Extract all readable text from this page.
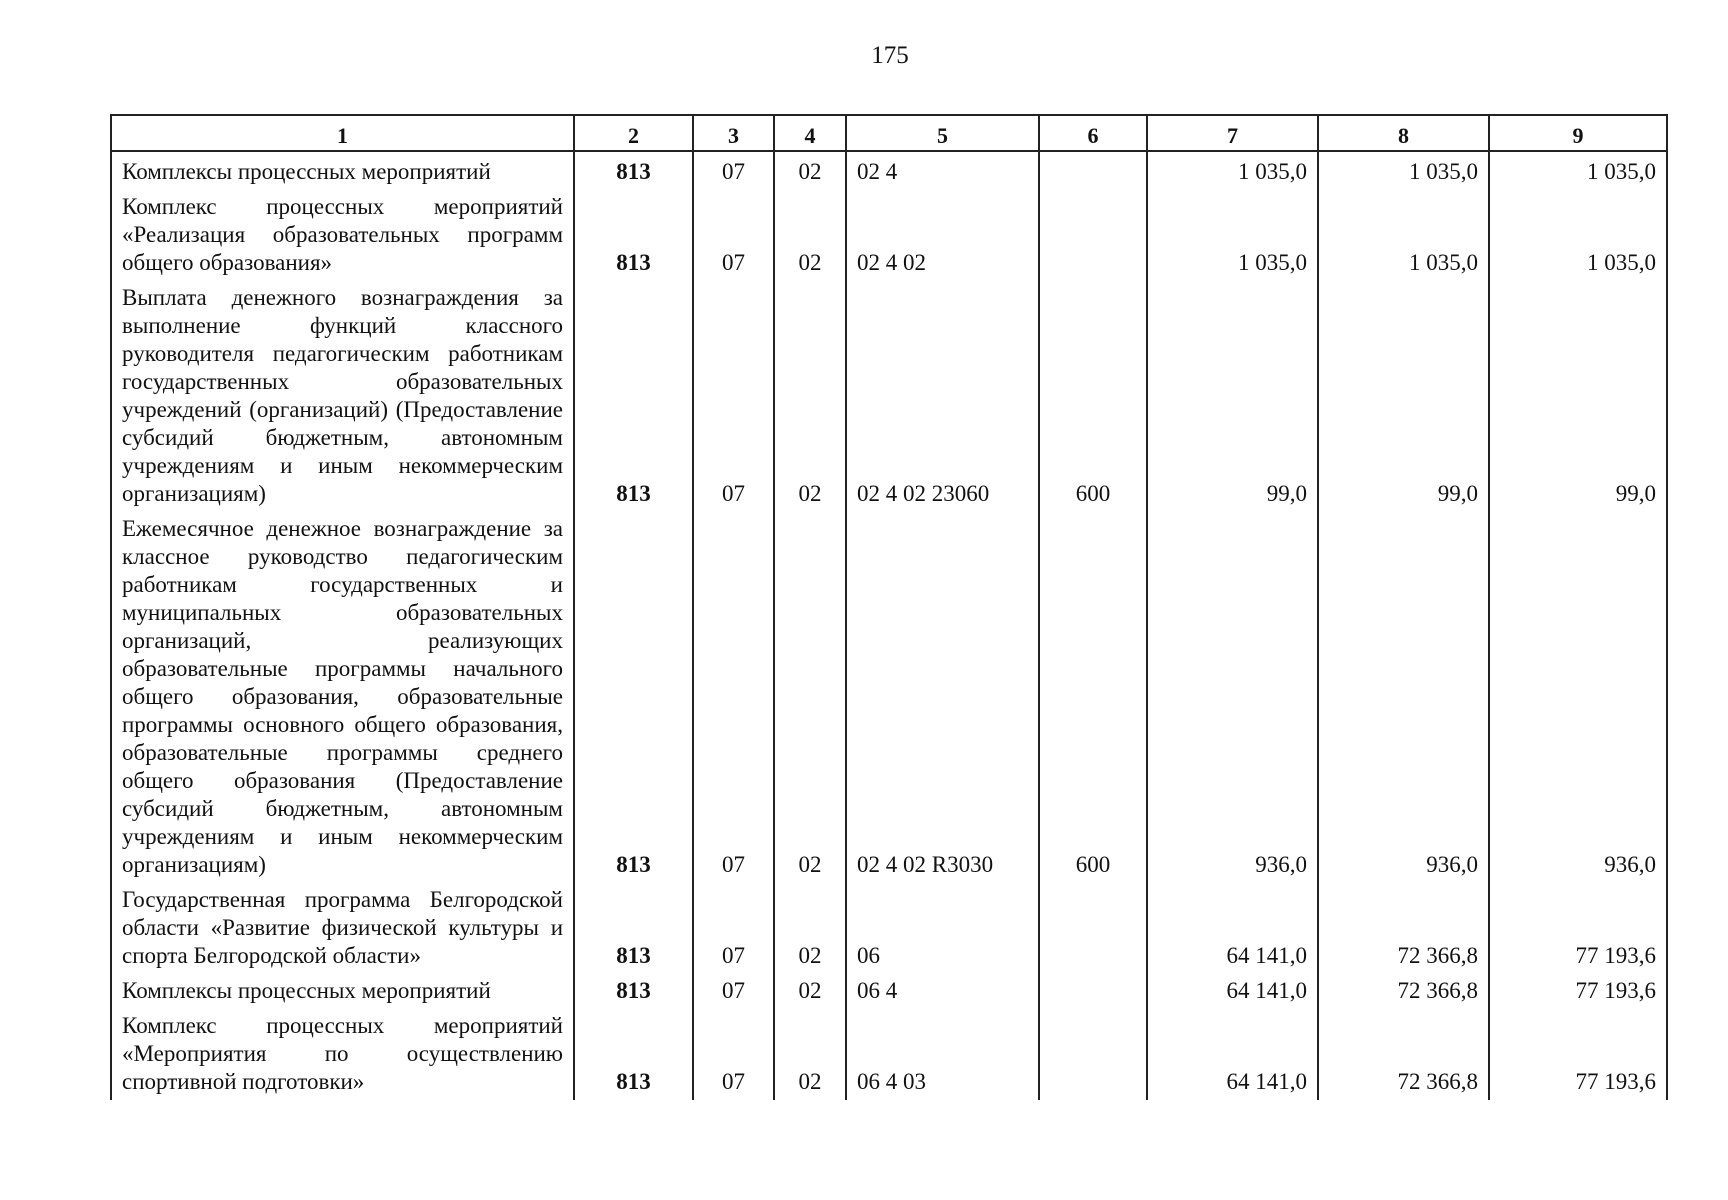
175
1	2	3	4	5	6	7	8	9
Комплексы процессных мероприятий	813	07	02	02 4		1 035,0	1 035,0	1 035,0
Комплекс процессных мероприятий «Реализация образовательных программ общего образования»	813	07	02	02 4 02		1 035,0	1 035,0	1 035,0
Выплата денежного вознаграждения за выполнение функций классного руководителя педагогическим работникам государственных образовательных учреждений (организаций) (Предоставление субсидий бюджетным, автономным учреждениям и иным некоммерческим организациям)	813	07	02	02 4 02 23060	600	99,0	99,0	99,0
Ежемесячное денежное вознаграждение за классное руководство педагогическим работникам государственных и муниципальных образовательных организаций, реализующих образовательные программы начального общего образования, образовательные программы основного общего образования, образовательные программы среднего общего образования (Предоставление субсидий бюджетным, автономным учреждениям и иным некоммерческим организациям)	813	07	02	02 4 02 R3030	600	936,0	936,0	936,0
Государственная программа Белгородской области «Развитие физической культуры и спорта Белгородской области»	813	07	02	06		64 141,0	72 366,8	77 193,6
Комплексы процессных мероприятий	813	07	02	06 4		64 141,0	72 366,8	77 193,6
Комплекс процессных мероприятий «Мероприятия по осуществлению спортивной подготовки»	813	07	02	06 4 03		64 141,0	72 366,8	77 193,6
